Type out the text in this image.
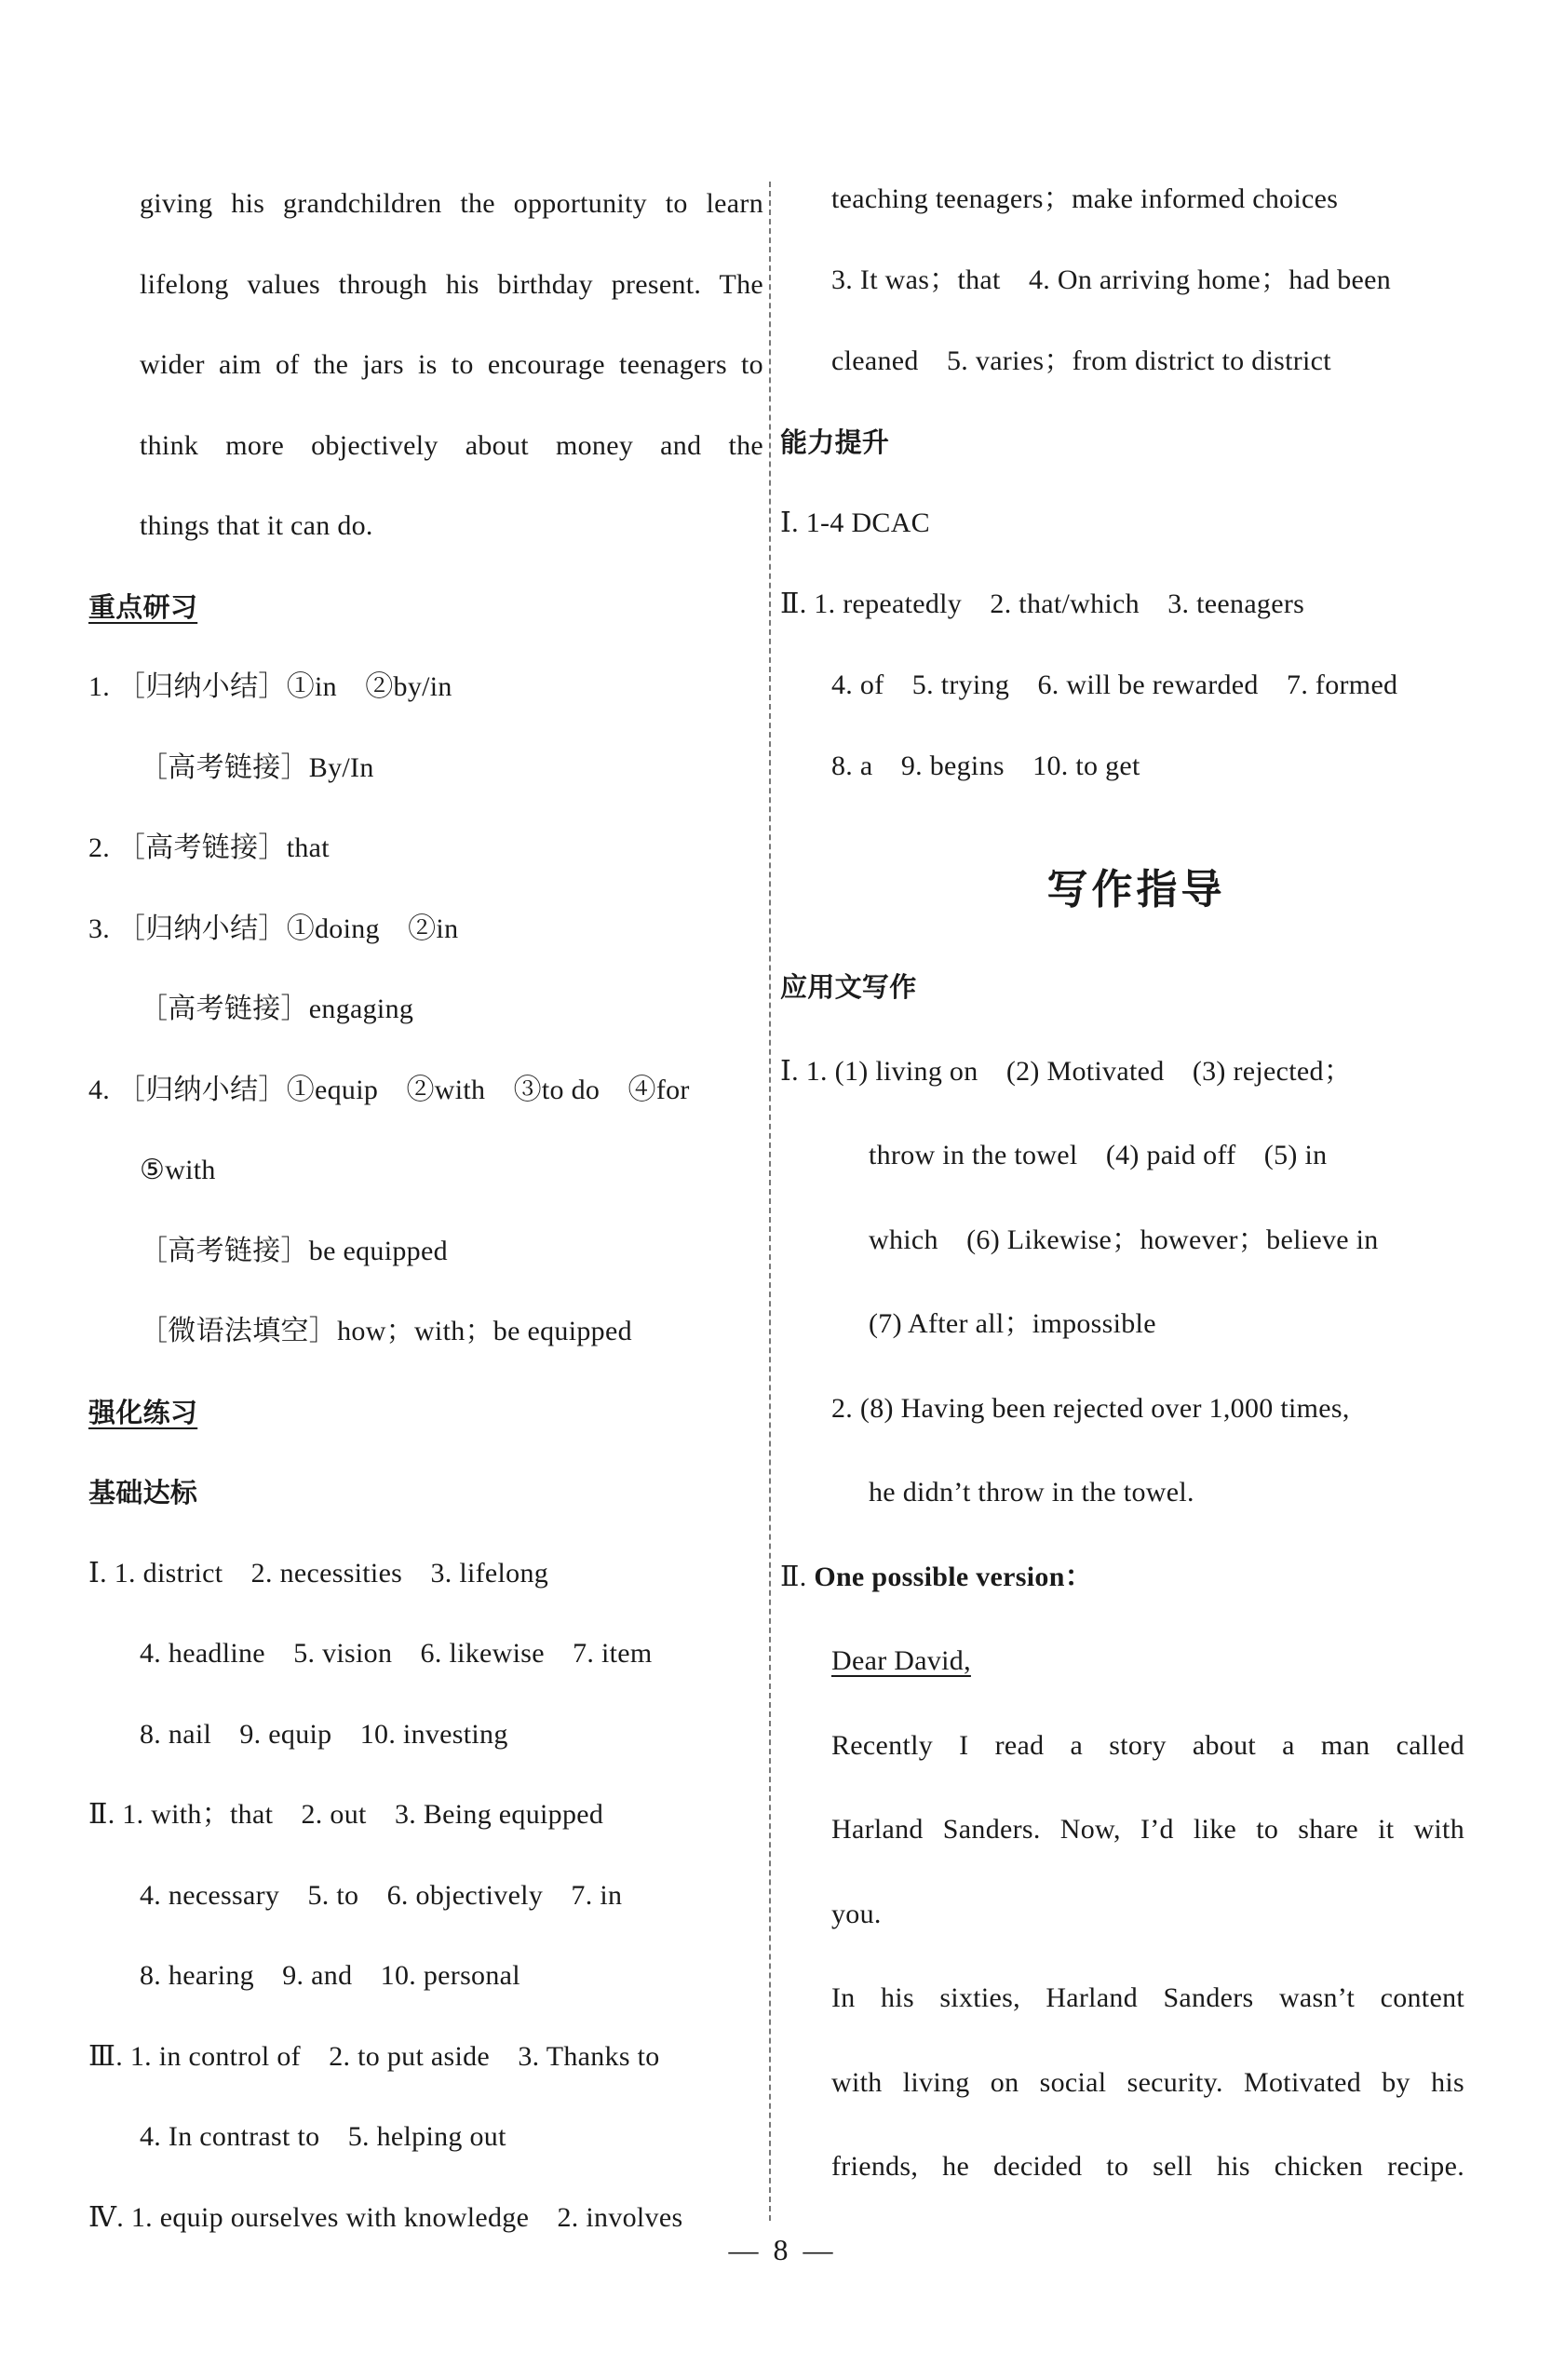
giving his grandchildren the opportunity to learn
lifelong values through his birthday present. The
wider aim of the jars is to encourage teenagers to
think more objectively about money and the
things that it can do.
重点研习
1. ［归纳小结］①in　②by/in
［高考链接］By/In
2. ［高考链接］that
3. ［归纳小结］①doing　②in
［高考链接］engaging
4. ［归纳小结］①equip　②with　③to do　④for
⑤with
［高考链接］be equipped
［微语法填空］how；with；be equipped
强化练习
基础达标
Ⅰ. 1. district　2. necessities　3. lifelong
4. headline　5. vision　6. likewise　7. item
8. nail　9. equip　10. investing
Ⅱ. 1. with；that　2. out　3. Being equipped
4. necessary　5. to　6. objectively　7. in
8. hearing　9. and　10. personal
Ⅲ. 1. in control of　2. to put aside　3. Thanks to
4. In contrast to　5. helping out
Ⅳ. 1. equip ourselves with knowledge　2. involves
teaching teenagers；make informed choices
3. It was；that　4. On arriving home；had been
cleaned　5. varies；from district to district
能力提升
Ⅰ. 1-4 DCAC
Ⅱ. 1. repeatedly　2. that/which　3. teenagers
4. of　5. trying　6. will be rewarded　7. formed
8. a　9. begins　10. to get
写作指导
应用文写作
Ⅰ. 1. (1) living on　(2) Motivated　(3) rejected；
throw in the towel　(4) paid off　(5) in
which　(6) Likewise；however；believe in
(7) After all；impossible
2. (8) Having been rejected over 1,000 times,
he didn’t throw in the towel.
Ⅱ. One possible version：
Dear David,
Recently I read a story about a man called
Harland Sanders. Now, I’d like to share it with
you.
In his sixties, Harland Sanders wasn’t content
with living on social security. Motivated by his
friends, he decided to sell his chicken recipe.
— 8 —
